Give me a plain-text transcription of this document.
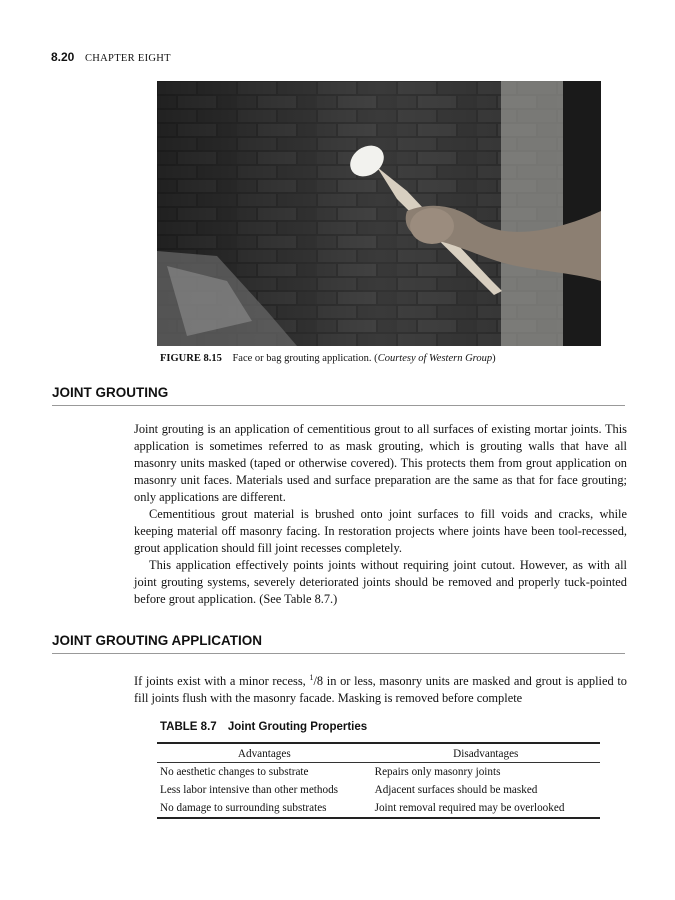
8.20 CHAPTER EIGHT
FIGURE 8.15 Face or bag grouting application. (Courtesy of Western Group)
JOINT GROUTING

Joint grouting is an application of cementitious grout to all surfaces of existing mortar joints. This application is sometimes referred to as mask grouting, which is grouting walls that have all masonry units masked (taped or otherwise covered). This protects them from grout application on masonry unit faces. Materials used and surface preparation are the same as that for face grouting; only applications are different.

Cementitious grout material is brushed onto joint surfaces to fill voids and cracks, while keeping material off masonry facing. In restoration projects where joints have been tool-recessed, grout application should fill joint recesses completely.

This application effectively points joints without requiring joint cutout. However, as with all joint grouting systems, severely deteriorated joints should be removed and properly tuck-pointed before grout application. (See Table 8.7.)

JOINT GROUTING APPLICATION

If joints exist with a minor recess, $^1$/8 in or less, masonry units are masked and grout is applied to fill joints flush with the masonry facade. Masking is removed before complete

TABLE 8.7 Joint Grouting Properties
Advantages	Disadvantages
No aesthetic changes to substrate	Repairs only masonry joints
Less labor intensive than other methods	Adjacent surfaces should be masked
No damage to surrounding substrates	Joint removal required may be overlooked
